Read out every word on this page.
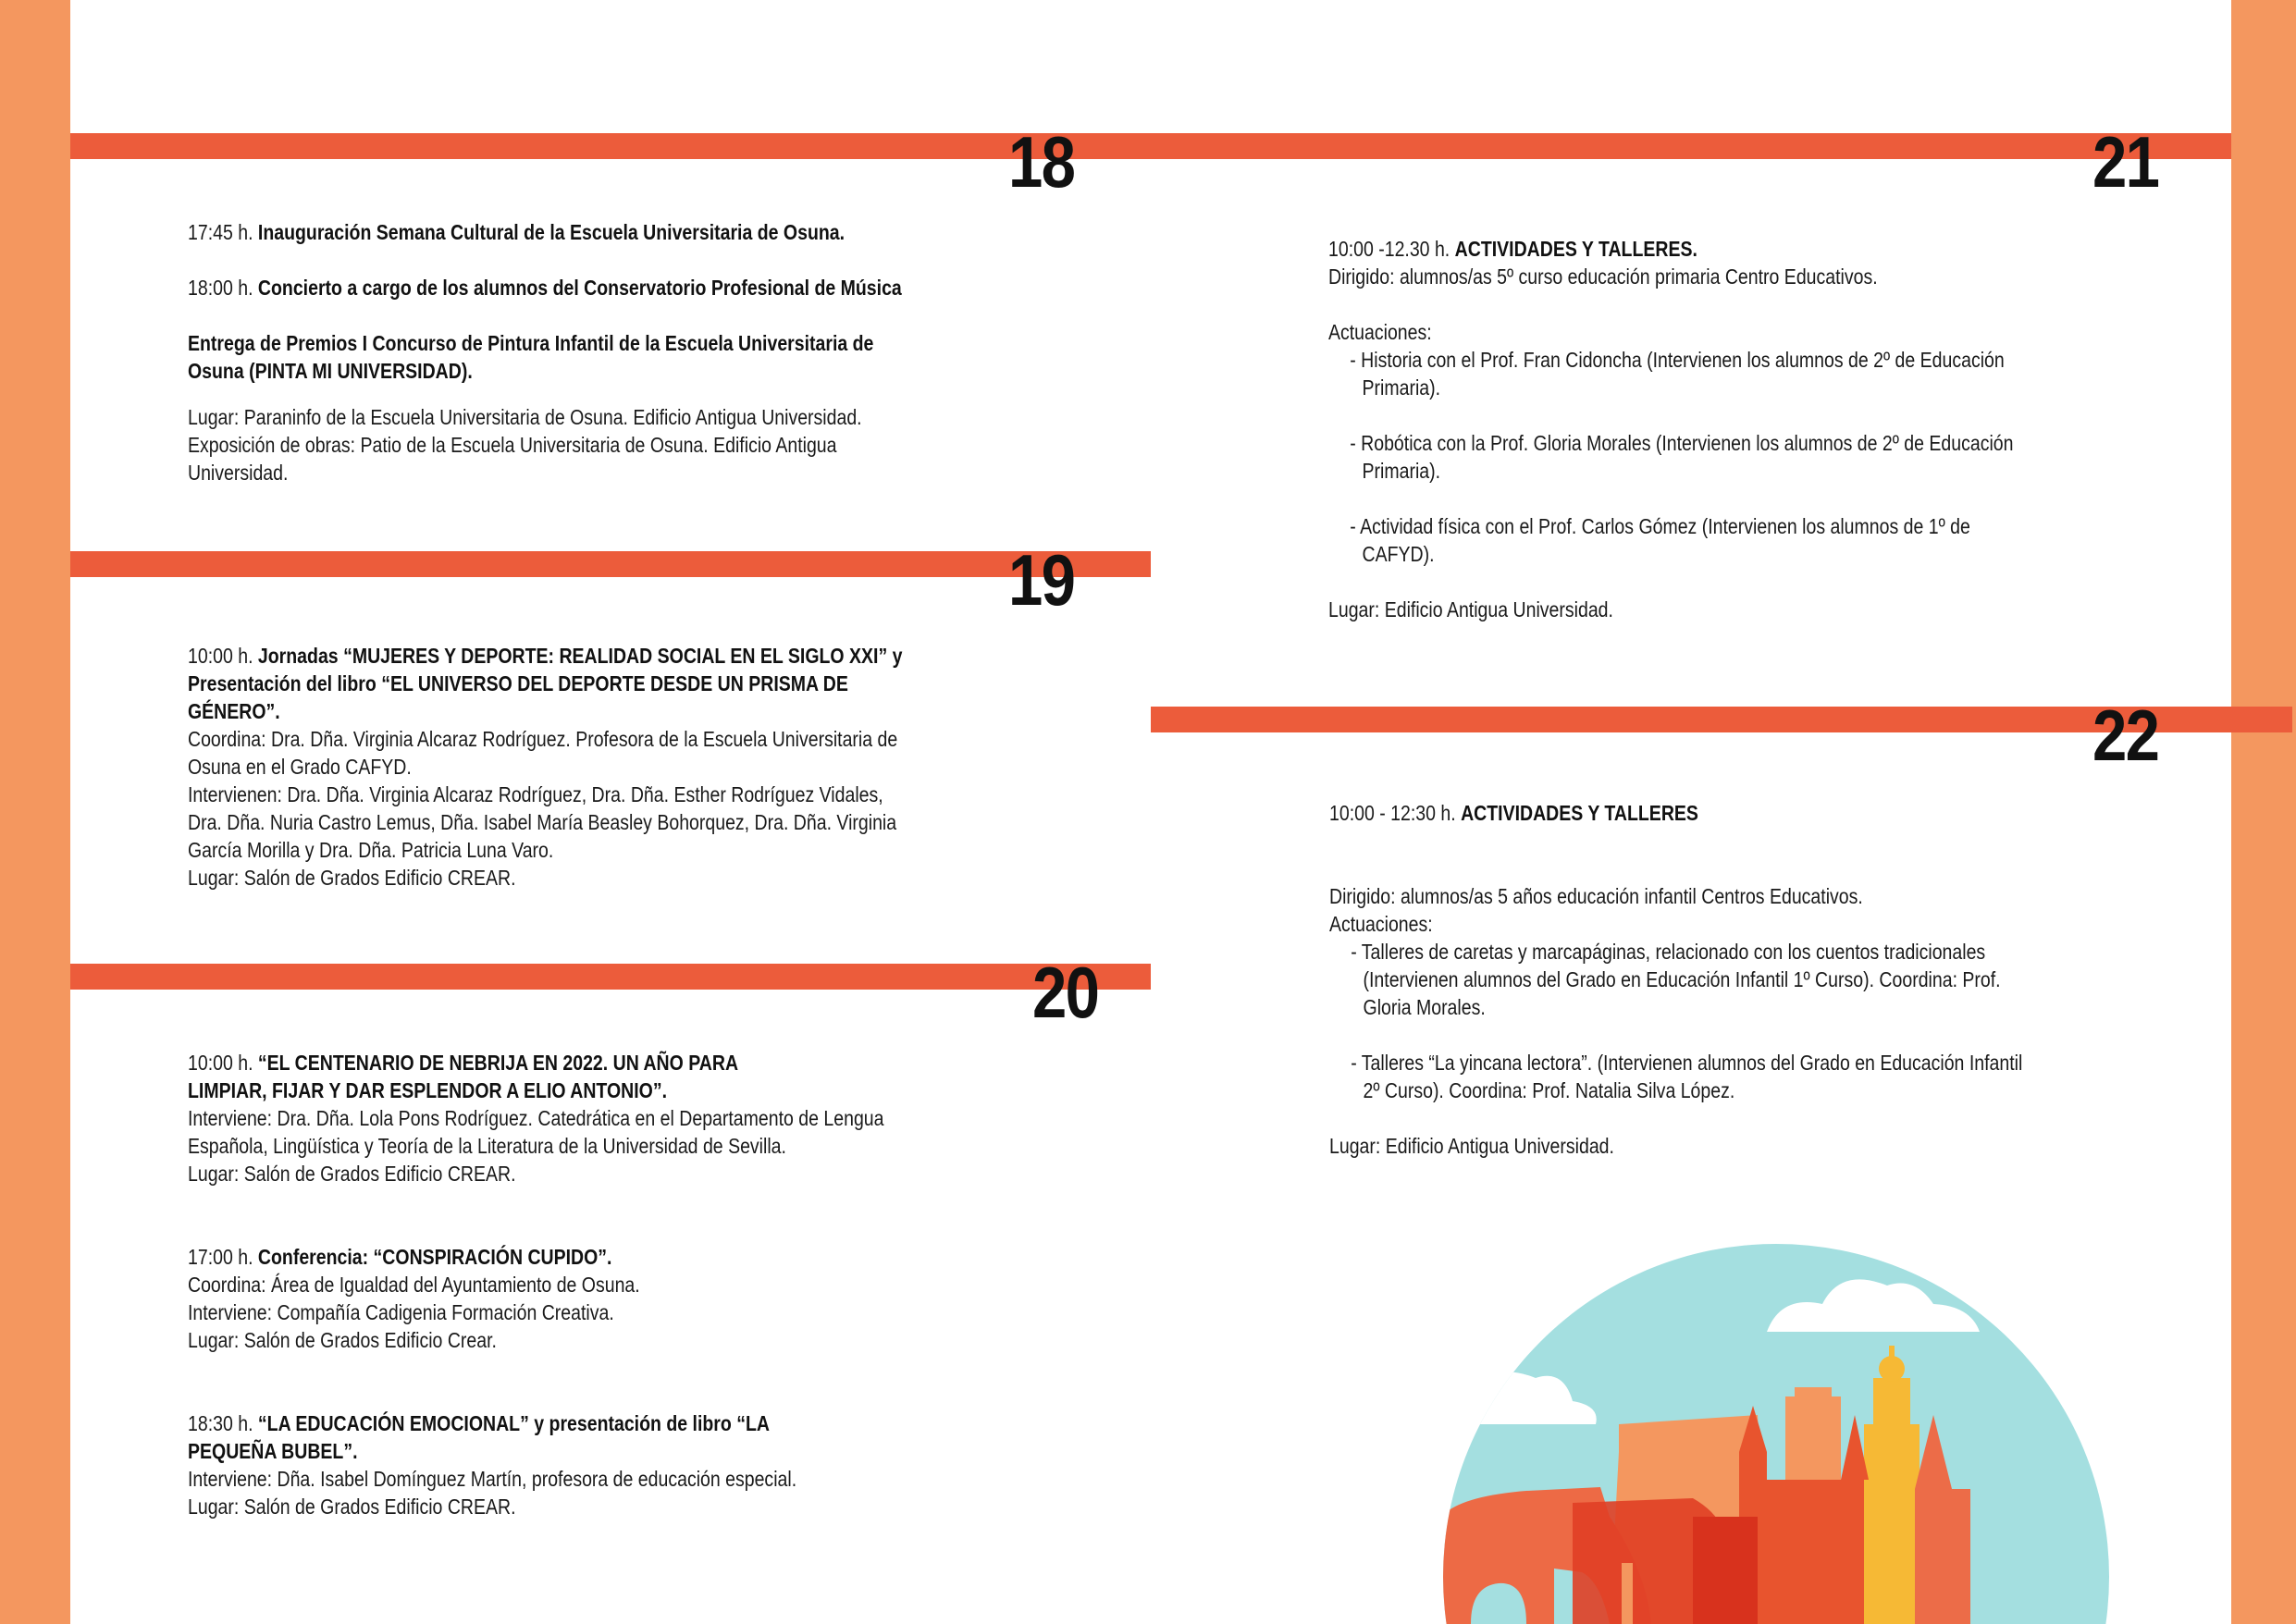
18
19
20
21
22
17:45 h. Inauguración Semana Cultural de la Escuela Universitaria de Osuna.
18:00 h. Concierto a cargo de los alumnos del Conservatorio Profesional de Música
Entrega de Premios I Concurso de Pintura Infantil de la Escuela Universitaria de
Osuna (PINTA MI UNIVERSIDAD).
Lugar: Paraninfo de la Escuela Universitaria de Osuna. Edificio Antigua Universidad.
Exposición de obras: Patio de la Escuela Universitaria de Osuna. Edificio Antigua
Universidad.
10:00 h. Jornadas “MUJERES Y DEPORTE: REALIDAD SOCIAL EN EL SIGLO XXI” y
Presentación del libro “EL UNIVERSO DEL DEPORTE DESDE UN PRISMA DE
GÉNERO”.
Coordina: Dra. Dña. Virginia Alcaraz Rodríguez. Profesora de la Escuela Universitaria de
Osuna en el Grado CAFYD.
Intervienen: Dra. Dña. Virginia Alcaraz Rodríguez, Dra. Dña. Esther Rodríguez Vidales,
Dra. Dña. Nuria Castro Lemus, Dña. Isabel María Beasley Bohorquez, Dra. Dña. Virginia
García Morilla y Dra. Dña. Patricia Luna Varo.
Lugar: Salón de Grados Edificio CREAR.
10:00 h. “EL CENTENARIO DE NEBRIJA EN 2022. UN AÑO PARA
LIMPIAR, FIJAR Y DAR ESPLENDOR A ELIO ANTONIO”.
Interviene: Dra. Dña. Lola Pons Rodríguez. Catedrática en el Departamento de Lengua
Española, Lingüística y Teoría de la Literatura de la Universidad de Sevilla.
Lugar: Salón de Grados Edificio CREAR.
17:00 h. Conferencia: “CONSPIRACIÓN CUPIDO”.
Coordina: Área de Igualdad del Ayuntamiento de Osuna.
Interviene: Compañía Cadigenia Formación Creativa.
Lugar: Salón de Grados Edificio Crear.
18:30 h. “LA EDUCACIÓN EMOCIONAL” y presentación de libro “LA
PEQUEÑA BUBEL”.
Interviene: Dña. Isabel Domínguez Martín, profesora de educación especial.
Lugar: Salón de Grados Edificio CREAR.
10:00 -12.30 h. ACTIVIDADES Y TALLERES.
Dirigido: alumnos/as 5º curso educación primaria Centro Educativos.
Actuaciones:
- Historia con el Prof. Fran Cidoncha (Intervienen los alumnos de 2º de Educación
Primaria).
- Robótica con la Prof. Gloria Morales (Intervienen los alumnos de 2º de Educación
Primaria).
- Actividad física con el Prof. Carlos Gómez (Intervienen los alumnos de 1º de
CAFYD).
Lugar: Edificio Antigua Universidad.
10:00 - 12:30 h. ACTIVIDADES Y TALLERES
Dirigido: alumnos/as 5 años educación infantil Centros Educativos.
Actuaciones:
- Talleres de caretas y marcapáginas, relacionado con los cuentos tradicionales
(Intervienen alumnos del Grado en Educación Infantil 1º Curso). Coordina: Prof.
Gloria Morales.
- Talleres “La yincana lectora”. (Intervienen alumnos del Grado en Educación Infantil
2º Curso). Coordina: Prof. Natalia Silva López.
Lugar: Edificio Antigua Universidad.
